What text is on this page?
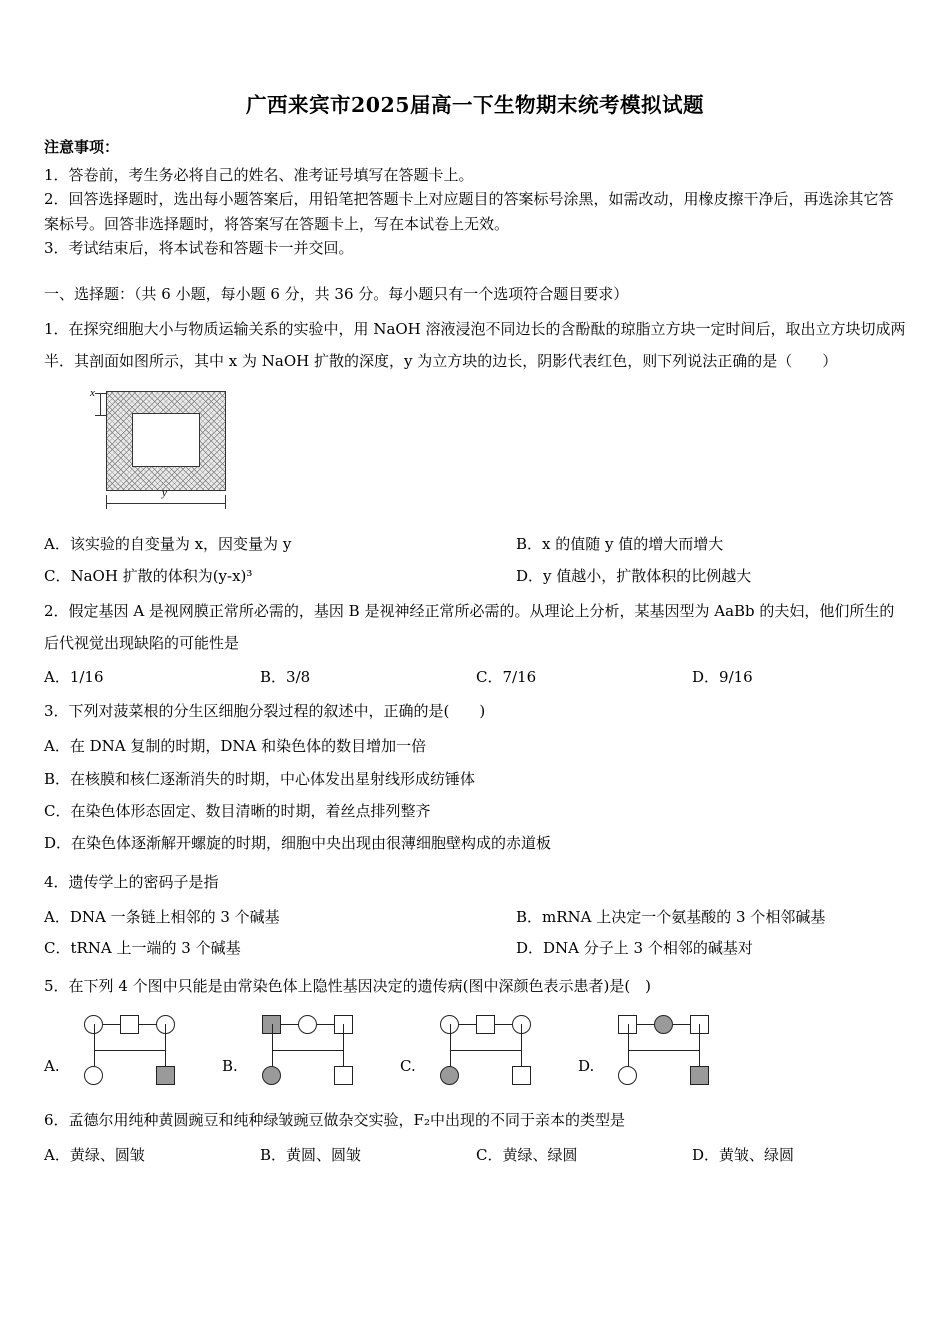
广西来宾市2025届高一下生物期末统考模拟试题
注意事项：

1．答卷前，考生务必将自己的姓名、准考证号填写在答题卡上。

2．回答选择题时，选出每小题答案后，用铅笔把答题卡上对应题目的答案标号涂黑，如需改动，用橡皮擦干净后，再选涂其它答案标号。回答非选择题时，将答案写在答题卡上，写在本试卷上无效。

3．考试结束后，将本试卷和答题卡一并交回。

一、选择题：（共 6 小题，每小题 6 分，共 36 分。每小题只有一个选项符合题目要求）
1．在探究细胞大小与物质运输关系的实验中，用 NaOH 溶液浸泡不同边长的含酚酞的琼脂立方块一定时间后，取出立方块切成两半．其剖面如图所示，其中 x 为 NaOH 扩散的深度，y 为立方块的边长，阴影代表红色，则下列说法正确的是（　　）
x
y
A．该实验的自变量为 x，因变量为 y	B．x 的值随 y 值的增大而增大
C．NaOH 扩散的体积为(y-x)³	D．y 值越小，扩散体积的比例越大
2．假定基因 A 是视网膜正常所必需的，基因 B 是视神经正常所必需的。从理论上分析，某基因型为 AaBb 的夫妇，他们所生的后代视觉出现缺陷的可能性是
A．1/16	B．3/8	C．7/16	D．9/16
3．下列对菠菜根的分生区细胞分裂过程的叙述中，正确的是(　　)
A．在 DNA 复制的时期，DNA 和染色体的数目增加一倍
B．在核膜和核仁逐渐消失的时期，中心体发出星射线形成纺锤体
C．在染色体形态固定、数目清晰的时期，着丝点排列整齐
D．在染色体逐渐解开螺旋的时期，细胞中央出现由很薄细胞壁构成的赤道板
4．遗传学上的密码子是指
A．DNA 一条链上相邻的 3 个碱基	B．mRNA 上决定一个氨基酸的 3 个相邻碱基
C．tRNA 上一端的 3 个碱基	D．DNA 分子上 3 个相邻的碱基对
5．在下列 4 个图中只能是由常染色体上隐性基因决定的遗传病(图中深颜色表示患者)是(　)
A.	B.	C.	D.
6．孟德尔用纯种黄圆豌豆和纯种绿皱豌豆做杂交实验，F₂中出现的不同于亲本的类型是
A．黄绿、圆皱	B．黄圆、圆皱	C．黄绿、绿圆	D．黄皱、绿圆
